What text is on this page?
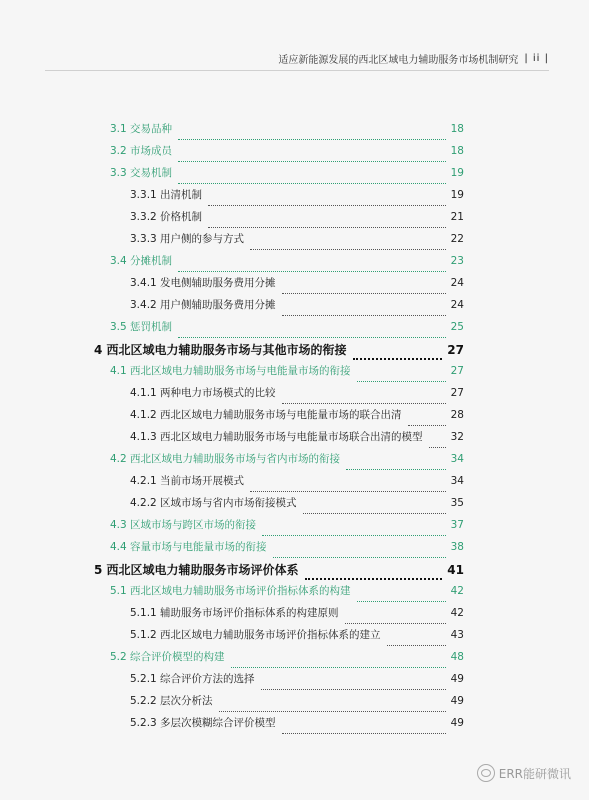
适应新能源发展的西北区域电力辅助服务市场机制研究 | ii |
3.1 交易品种	18
3.2 市场成员	18
3.3 交易机制	19
3.3.1 出清机制	19
3.3.2 价格机制	21
3.3.3 用户侧的参与方式	22
3.4 分摊机制	23
3.4.1 发电侧辅助服务费用分摊	24
3.4.2 用户侧辅助服务费用分摊	24
3.5 惩罚机制	25
4 西北区域电力辅助服务市场与其他市场的衔接	27
4.1 西北区域电力辅助服务市场与电能量市场的衔接	27
4.1.1 两种电力市场模式的比较	27
4.1.2 西北区域电力辅助服务市场与电能量市场的联合出清	28
4.1.3 西北区域电力辅助服务市场与电能量市场联合出清的模型	32
4.2 西北区域电力辅助服务市场与省内市场的衔接	34
4.2.1 当前市场开展模式	34
4.2.2 区域市场与省内市场衔接模式	35
4.3 区域市场与跨区市场的衔接	37
4.4 容量市场与电能量市场的衔接	38
5 西北区域电力辅助服务市场评价体系	41
5.1 西北区域电力辅助服务市场评价指标体系的构建	42
5.1.1 辅助服务市场评价指标体系的构建原则	42
5.1.2 西北区域电力辅助服务市场评价指标体系的建立	43
5.2 综合评价模型的构建	48
5.2.1 综合评价方法的选择	49
5.2.2 层次分析法	49
5.2.3 多层次模糊综合评价模型	49
ERR能研微讯
